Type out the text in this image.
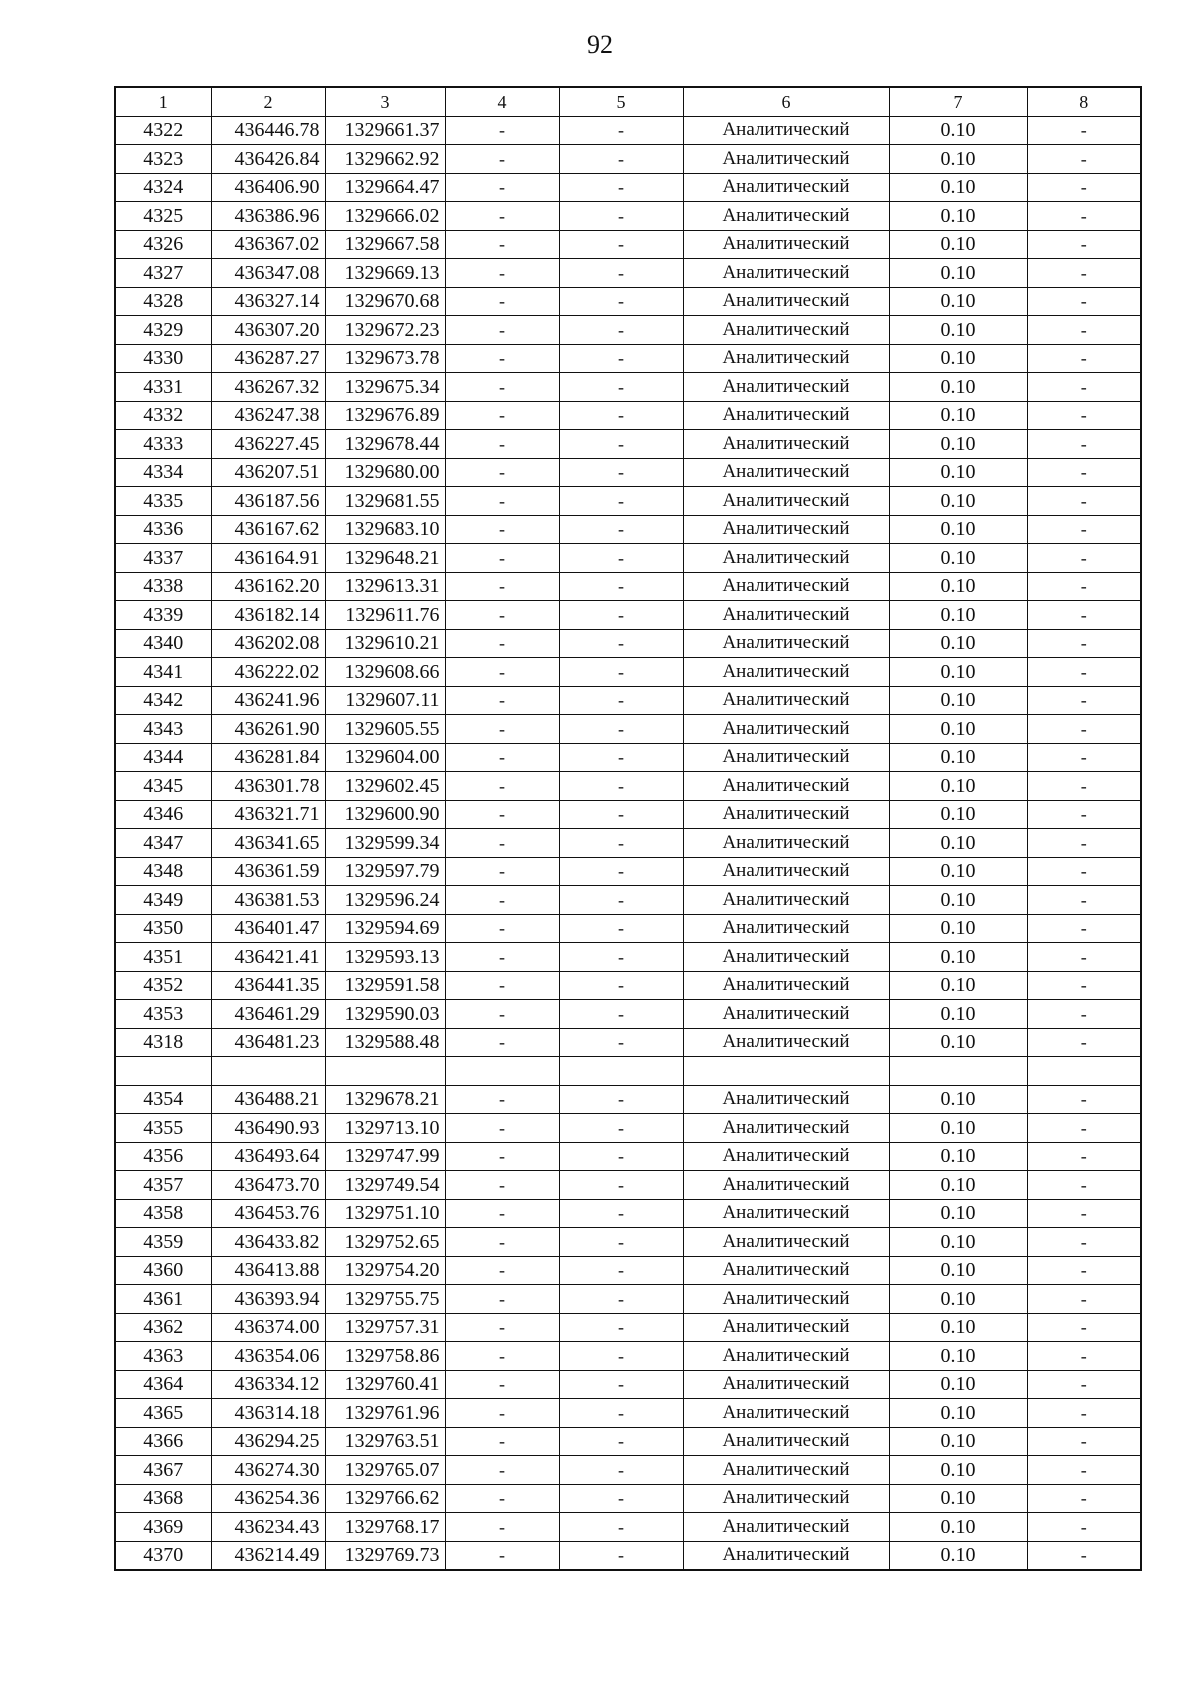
92
1	2	3	4	5	6	7	8
4322	436446.78	1329661.37	-	-	Аналитический	0.10	-
4323	436426.84	1329662.92	-	-	Аналитический	0.10	-
4324	436406.90	1329664.47	-	-	Аналитический	0.10	-
4325	436386.96	1329666.02	-	-	Аналитический	0.10	-
4326	436367.02	1329667.58	-	-	Аналитический	0.10	-
4327	436347.08	1329669.13	-	-	Аналитический	0.10	-
4328	436327.14	1329670.68	-	-	Аналитический	0.10	-
4329	436307.20	1329672.23	-	-	Аналитический	0.10	-
4330	436287.27	1329673.78	-	-	Аналитический	0.10	-
4331	436267.32	1329675.34	-	-	Аналитический	0.10	-
4332	436247.38	1329676.89	-	-	Аналитический	0.10	-
4333	436227.45	1329678.44	-	-	Аналитический	0.10	-
4334	436207.51	1329680.00	-	-	Аналитический	0.10	-
4335	436187.56	1329681.55	-	-	Аналитический	0.10	-
4336	436167.62	1329683.10	-	-	Аналитический	0.10	-
4337	436164.91	1329648.21	-	-	Аналитический	0.10	-
4338	436162.20	1329613.31	-	-	Аналитический	0.10	-
4339	436182.14	1329611.76	-	-	Аналитический	0.10	-
4340	436202.08	1329610.21	-	-	Аналитический	0.10	-
4341	436222.02	1329608.66	-	-	Аналитический	0.10	-
4342	436241.96	1329607.11	-	-	Аналитический	0.10	-
4343	436261.90	1329605.55	-	-	Аналитический	0.10	-
4344	436281.84	1329604.00	-	-	Аналитический	0.10	-
4345	436301.78	1329602.45	-	-	Аналитический	0.10	-
4346	436321.71	1329600.90	-	-	Аналитический	0.10	-
4347	436341.65	1329599.34	-	-	Аналитический	0.10	-
4348	436361.59	1329597.79	-	-	Аналитический	0.10	-
4349	436381.53	1329596.24	-	-	Аналитический	0.10	-
4350	436401.47	1329594.69	-	-	Аналитический	0.10	-
4351	436421.41	1329593.13	-	-	Аналитический	0.10	-
4352	436441.35	1329591.58	-	-	Аналитический	0.10	-
4353	436461.29	1329590.03	-	-	Аналитический	0.10	-
4318	436481.23	1329588.48	-	-	Аналитический	0.10	-

4354	436488.21	1329678.21	-	-	Аналитический	0.10	-
4355	436490.93	1329713.10	-	-	Аналитический	0.10	-
4356	436493.64	1329747.99	-	-	Аналитический	0.10	-
4357	436473.70	1329749.54	-	-	Аналитический	0.10	-
4358	436453.76	1329751.10	-	-	Аналитический	0.10	-
4359	436433.82	1329752.65	-	-	Аналитический	0.10	-
4360	436413.88	1329754.20	-	-	Аналитический	0.10	-
4361	436393.94	1329755.75	-	-	Аналитический	0.10	-
4362	436374.00	1329757.31	-	-	Аналитический	0.10	-
4363	436354.06	1329758.86	-	-	Аналитический	0.10	-
4364	436334.12	1329760.41	-	-	Аналитический	0.10	-
4365	436314.18	1329761.96	-	-	Аналитический	0.10	-
4366	436294.25	1329763.51	-	-	Аналитический	0.10	-
4367	436274.30	1329765.07	-	-	Аналитический	0.10	-
4368	436254.36	1329766.62	-	-	Аналитический	0.10	-
4369	436234.43	1329768.17	-	-	Аналитический	0.10	-
4370	436214.49	1329769.73	-	-	Аналитический	0.10	-
